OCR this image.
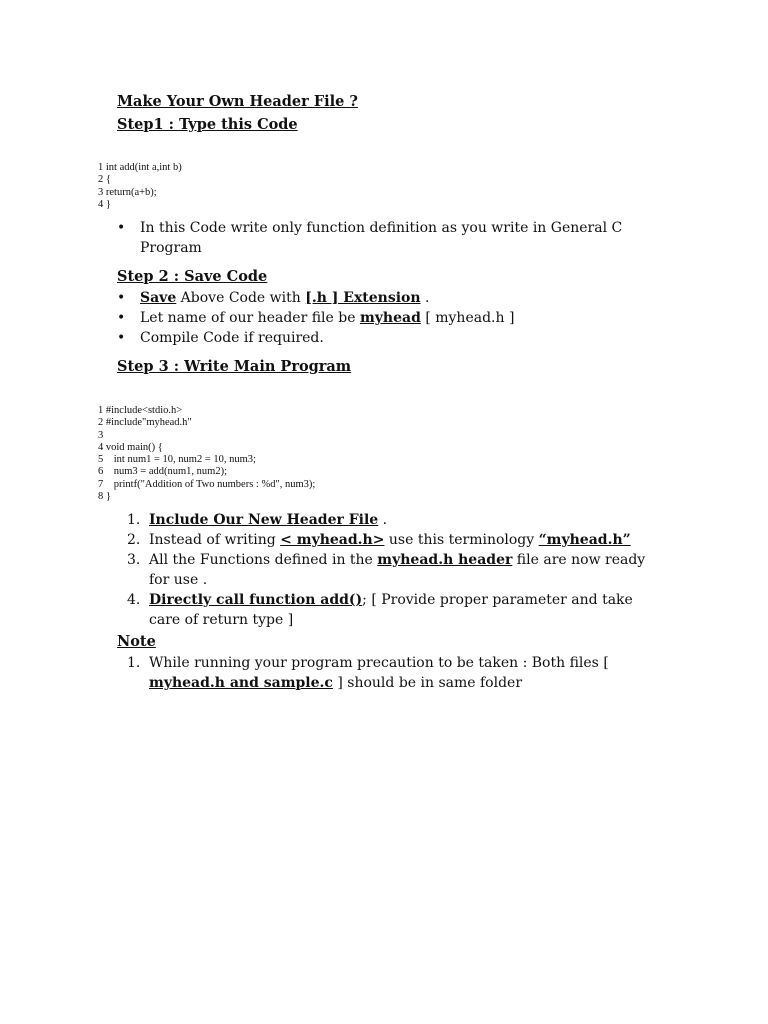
Make Your Own Header File ?
Step1 : Type this Code
1 int add(int a,int b)
2 {
3 return(a+b);
4 }
• In this Code write only function definition as you write in General C Program
Step 2 : Save Code
• Save Above Code with [.h ] Extension .
• Let name of our header file be myhead [ myhead.h ]
• Compile Code if required.
Step 3 : Write Main Program
1 #include<stdio.h>
2 #include"myhead.h"
3
4 void main() {
5    int num1 = 10, num2 = 10, num3;
6    num3 = add(num1, num2);
7    printf("Addition of Two numbers : %d", num3);
8 }
1. Include Our New Header File .
2. Instead of writing < myhead.h> use this terminology “myhead.h”
3. All the Functions defined in the myhead.h header file are now ready for use .
4. Directly call function add(); [ Provide proper parameter and take care of return type ]
Note
1. While running your program precaution to be taken : Both files [ myhead.h and sample.c ] should be in same folder
